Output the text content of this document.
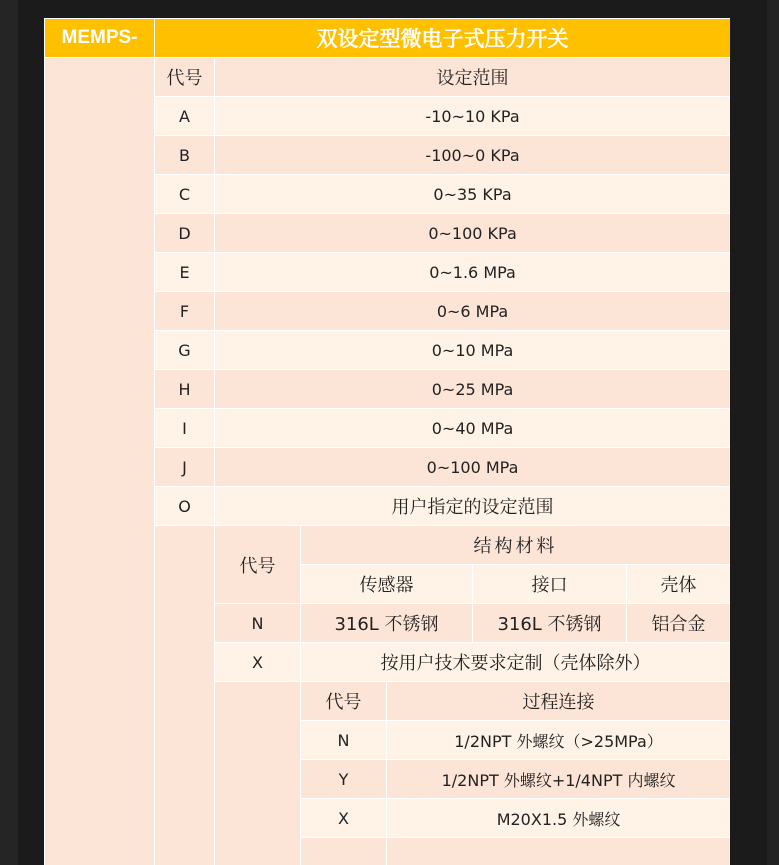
MEMPS-	双设定型微电子式压力开关					
	代号	设定范围				
	A	-10~10 KPa				
	B	-100~0 KPa				
	C	0~35 KPa				
	D	0~100 KPa				
	E	0~1.6 MPa				
	F	0~6 MPa				
	G	0~10 MPa				
	H	0~25 MPa				
	I	0~40 MPa				
	J	0~100 MPa				
	O	用户指定的设定范围				
		代号	结构材料			
			传感器		接口	壳体
		N	316L 不锈钢		316L 不锈钢	铝合金
		X	按用户技术要求定制（壳体除外）			
			代号	过程连接		
			N	1/2NPT 外螺纹（>25MPa）		
			Y	1/2NPT 外螺纹+1/4NPT 内螺纹		
			X	M20X1.5 外螺纹		
